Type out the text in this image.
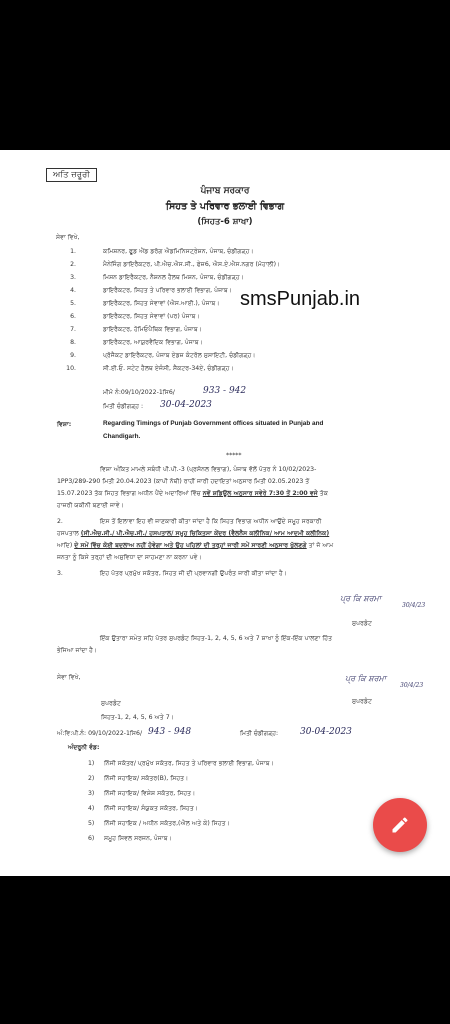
ਅਤਿ ਜ਼ਰੂਰੀ
ਪੰਜਾਬ ਸਰਕਾਰ
ਸਿਹਤ ਤੇ ਪਰਿਵਾਰ ਭਲਾਈ ਵਿਭਾਗ
(ਸਿਹਤ-6 ਸ਼ਾਖਾ)
ਸੇਵਾ ਵਿਖੇ,
1.	ਕਮਿਸ਼ਨਰ, ਫੂਡ ਐਂਡ ਡਰੱਗ ਐਡਮਿਨਿਸਟ੍ਰੇਸ਼ਨ, ਪੰਜਾਬ, ਚੰਡੀਗੜ੍ਹ।
2.	ਮੈਨੇਜਿੰਗ ਡਾਇਰੈਕਟਰ, ਪੀ.ਐਚ.ਐਸ.ਸੀ., ਫੇਜ਼6, ਐਸ.ਏ.ਐਸ.ਨਗਰ (ਮੋਹਾਲੀ)।
3.	ਮਿਸ਼ਨ ਡਾਇਰੈਕਟਰ, ਨੈਸ਼ਨਲ ਹੈਲਥ ਮਿਸ਼ਨ, ਪੰਜਾਬ, ਚੰਡੀਗੜ੍ਹ।
4.	ਡਾਇਰੈਕਟਰ, ਸਿਹਤ ਤੇ ਪਰਿਵਾਰ ਭਲਾਈ ਵਿਭਾਗ, ਪੰਜਾਬ।
5.	ਡਾਇਰੈਕਟਰ, ਸਿਹਤ ਸੇਵਾਵਾਂ (ਐਸ.ਆਈ.), ਪੰਜਾਬ।
6.	ਡਾਇਰੈਕਟਰ, ਸਿਹਤ ਸੇਵਾਵਾਂ (ਪਰ) ਪੰਜਾਬ।
7.	ਡਾਇਰੈਕਟਰ, ਹੋਮਿਓਪੈਥਿਕ ਵਿਭਾਗ, ਪੰਜਾਬ।
8.	ਡਾਇਰੈਕਟਰ, ਆਯੁਰਵੈਦਿਕ ਵਿਭਾਗ, ਪੰਜਾਬ।
9.	ਪ੍ਰੋਜੈਕਟ ਡਾਇਰੈਕਟਰ, ਪੰਜਾਬ ਏਡਜ਼ ਕੰਟਰੋਲ ਸੁਸਾਇਟੀ, ਚੰਡੀਗੜ੍ਹ।
10.	ਸੀ.ਈ.ਓ. ਸਟੇਟ ਹੈਲਥ ਏਜੰਸੀ, ਸੈਕਟਰ-34ਏ, ਚੰਡੀਗੜ੍ਹ।
smsPunjab.in
ਮੀਮੋ ਨੰ:09/10/2022-1ਸਿ6/	933 - 942
ਮਿਤੀ ਚੰਡੀਗੜ੍ਹ : 30-04-2023
ਵਿਸ਼ਾ:	Regarding Timings of Punjab Government offices situated in Punjab and
Chandigarh.
*****
ਵਿਸ਼ਾ ਅੰਕਿਤ ਮਾਮਲੇ ਸਬੰਧੀ ਪੀ.ਪੀ.-3 (ਪ੍ਰਸੋਨਲ ਵਿਭਾਗ), ਪੰਜਾਬ ਵੱਲੋਂ ਪੱਤਰ ਨੰ 10/02/2023-
1PP3/289-290 ਮਿਤੀ 20.04.2023 (ਕਾਪੀ ਨੱਥੀ) ਰਾਹੀਂ ਜਾਰੀ ਹਦਾਇਤਾਂ ਅਨੁਸਾਰ ਮਿਤੀ 02.05.2023 ਤੋਂ
15.07.2023 ਤੱਕ ਸਿਹਤ ਵਿਭਾਗ ਅਧੀਨ ਪੈਂਦੇ ਅਦਾਰਿਆਂ ਵਿੱਚ ਨਵੇਂ ਸ਼ਡਿਊਲ ਅਨੁਸਾਰ ਸਵੇਰੇ 7:30 ਤੋਂ 2:00 ਵਜੇ ਤੱਕ
ਹਾਜ਼ਰੀ ਯਕੀਨੀ ਬਣਾਈ ਜਾਵੇ।
2.	ਇਸ ਤੋਂ ਇਲਾਵਾ ਇਹ ਵੀ ਜਾਣਕਾਰੀ ਕੀਤਾ ਜਾਂਦਾ ਹੈ ਕਿ ਸਿਹਤ ਵਿਭਾਗ ਅਧੀਨ ਆਉਂਦੇ ਸਮੂਹ ਸਰਕਾਰੀ
ਹਸਪਤਾਲ (ਸੀ.ਐਚ.ਸੀ./ ਪੀ.ਐਚ.ਸੀ./ ਹਸਪਤਾਲ/ ਸਮੂਹ ਚਿਕਿਤਸਾ ਕੇਂਦਰ (ਵੈਲਨੈਸ ਕਲੀਨਿਕ/ ਆਮ ਆਦਮੀ ਕਲੀਨਿਕ)
ਆਦਿ) ਦੇ ਸਮੇਂ ਵਿੱਚ ਕੋਈ ਬਦਲਾਅ ਨਹੀਂ ਹੋਵੇਗਾ ਅਤੇ ਉਹ ਪਹਿਲਾਂ ਦੀ ਤਰ੍ਹਾਂ ਜਾਰੀ ਸਮੇਂ ਸਾਰਣੀ ਅਨੁਸਾਰ ਖੁੱਲਣਗੇ ਤਾਂ ਜੋ ਆਮ
ਜਨਤਾ ਨੂੰ ਕਿਸੇ ਤਰ੍ਹਾਂ ਦੀ ਅਸੁਵਿਧਾ ਦਾ ਸਾਹਮਣਾ ਨਾ ਕਰਨਾ ਪਵੇ।
3.	ਇਹ ਪੱਤਰ ਪ੍ਰਮੁੱਖ ਸਕੱਤਰ, ਸਿਹਤ ਜੀ ਦੀ ਪ੍ਰਵਾਨਗੀ ਉਪਰੰਤ ਜਾਰੀ ਕੀਤਾ ਜਾਂਦਾ ਹੈ।
ਪ੍ਰ ਕਿ ਸ਼ਰਮਾ
30/4/23
ਸੁਪਰਡੰਟ
ਇੱਕ ਉਤਾਰਾ ਸਮੇਤ ਸਹਿ ਪੱਤਰ ਸੁਪਰਡੰਟ ਸਿਹਤ-1, 2, 4, 5, 6 ਅਤੇ 7 ਸ਼ਾਖਾ ਨੂੰ ਇੱਕ-ਇੱਕ ਪਾਲਣਾ ਹਿੱਤ
ਭੇਜਿਆ ਜਾਂਦਾ ਹੈ।
ਪ੍ਰ ਕਿ ਸ਼ਰਮਾ
30/4/23
ਸੁਪਰਡੰਟ
ਸੇਵਾ ਵਿਖੇ,
ਸੁਪਰਡੰਟ
ਸਿਹਤ-1, 2, 4, 5, 6 ਅਤੇ 7।
ਅੰ:ਵਿ:ਪੀ.ਨੰ: 09/10/2022-1ਸਿ6/ 943 - 948	ਮਿਤੀ ਚੰਡੀਗੜ੍ਹ: 30-04-2023
ਅੰਦਰੂਨੀ ਵੰਡ:
1) ਨਿੱਜੀ ਸਕੱਤਰ/ ਪ੍ਰਮੁੱਖ ਸਕੱਤਰ, ਸਿਹਤ ਤੇ ਪਰਿਵਾਰ ਭਲਾਈ ਵਿਭਾਗ, ਪੰਜਾਬ।
2) ਨਿੱਜੀ ਸਹਾਇਕ/ ਸਕੱਤਰ(B), ਸਿਹਤ।
3) ਨਿੱਜੀ ਸਹਾਇਕ/ ਵਿਸ਼ੇਸ਼ ਸਕੱਤਰ, ਸਿਹਤ।
4) ਨਿੱਜੀ ਸਹਾਇਕ/ ਸੰਯੁਕਤ ਸਕੱਤਰ, ਸਿਹਤ।
5) ਨਿੱਜੀ ਸਹਾਇਕ / ਅਧੀਨ ਸਕੱਤਰ,(ਐਲ ਅਤੇ ਕੇ) ਸਿਹਤ।
6) ਸਮੂਹ ਸਿਵਲ ਸਰਜਨ, ਪੰਜਾਬ।
